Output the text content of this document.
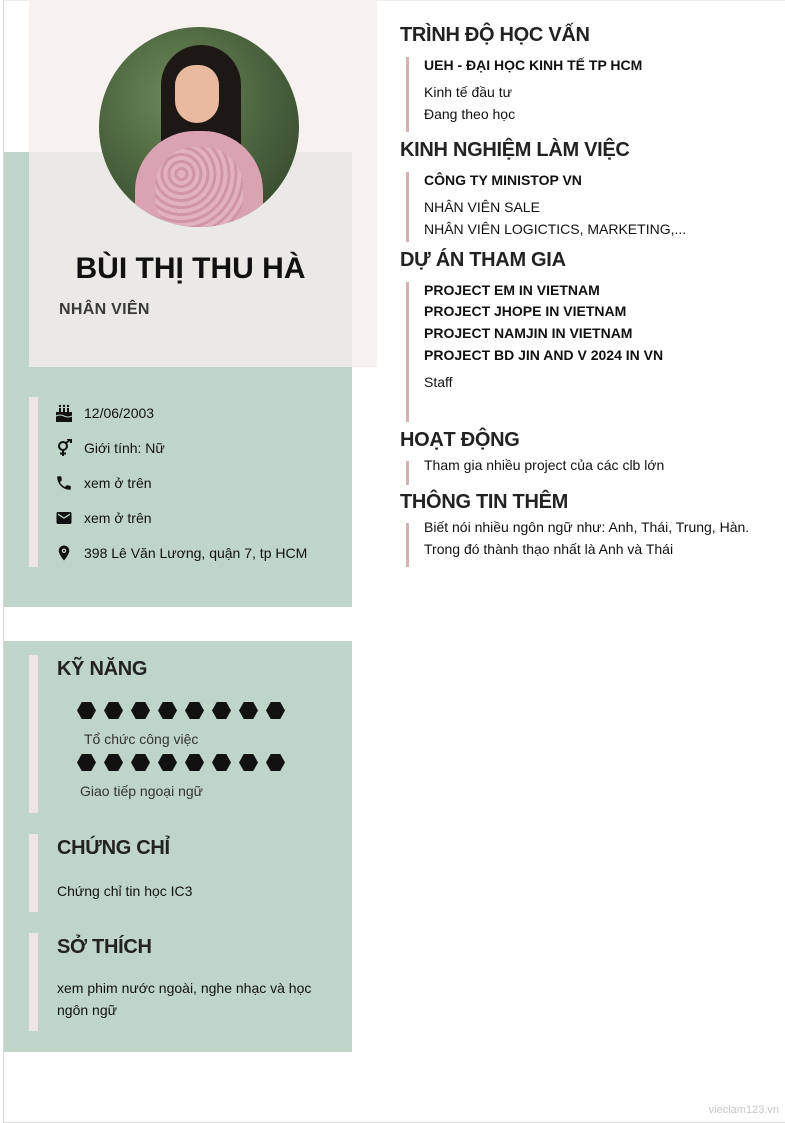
BÙI THỊ THU HÀ
NHÂN VIÊN
12/06/2003
Giới tính: Nữ
xem ở trên
xem ở trên
398 Lê Văn Lương, quận 7, tp HCM
KỸ NĂNG
Tổ chức công việc
Giao tiếp ngoại ngữ
CHỨNG CHỈ
Chứng chỉ tin học IC3
SỞ THÍCH
xem phim nước ngoài, nghe nhạc và học
ngôn ngữ
TRÌNH ĐỘ HỌC VẤN
UEH - ĐẠI HỌC KINH TẾ TP HCM
Kinh tế đầu tư
Đang theo học
KINH NGHIỆM LÀM VIỆC
CÔNG TY MINISTOP VN
NHÂN VIÊN SALE
NHÂN VIÊN LOGICTICS, MARKETING,...
DỰ ÁN THAM GIA
PROJECT EM IN VIETNAM
PROJECT JHOPE IN VIETNAM
PROJECT NAMJIN IN VIETNAM
PROJECT BD JIN AND V 2024 IN VN
Staff
HOẠT ĐỘNG
Tham gia nhiều project của các clb lớn
THÔNG TIN THÊM
Biết nói nhiều ngôn ngữ như: Anh, Thái, Trung, Hàn.
Trong đó thành thạo nhất là Anh và Thái
vieclam123.vn
